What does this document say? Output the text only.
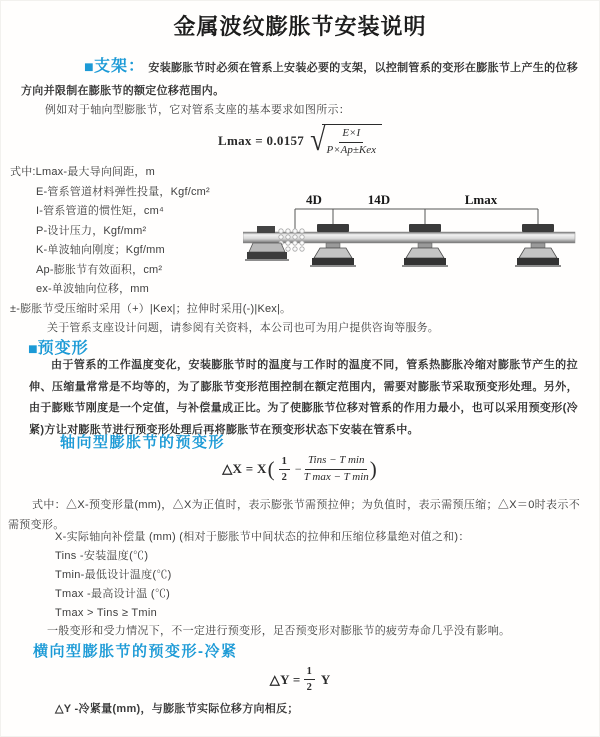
金属波纹膨胀节安装说明
■支架： 安装膨胀节时必须在管系上安装必要的支架，以控制管系的变形在膨胀节上产生的位移方向并限制在膨胀节的额定位移范围内。
例如对于轴向型膨胀节，它对管系支座的基本要求如图所示：
Lmax = 0.0157 √ $\frac{E\times I}{\text{P×Ap±Kex}}$
式中:Lmax-最大导向间距，m
E-管系管道材料弹性投量，Kgf/cm²
I-管系管道的惯性矩，cm⁴
P-设计压力，Kgf/mm²
K-单波轴向刚度；Kgf/mm
Ap-膨胀节有效面积，cm²
ex-单波轴向位移，mm
±-膨胀节受压缩时采用（+）|Kex|；拉伸时采用(-)|Kex|。
关于管系支座设计问题，请参阅有关资料，本公司也可为用户提供咨询等服务。
4D	14D	Lmax
■预变形
由于管系的工作温度变化，安装膨胀节时的温度与工作时的温度不同，管系热膨胀冷缩对膨胀节产生的拉伸、压缩量常常是不均等的，为了膨胀节变形范围控制在额定范围内，需要对膨胀节采取预变形处理。另外，由于膨账节刚度是一个定值，与补偿量成正比。为了使膨胀节位移对管系的作用力最小，也可以采用预变形(冷紧)方让对膨胀节进行预变形处理后再将膨胀节在预变形状态下安装在管系中。
轴向型膨胀节的预变形
△X = X ( $\frac{1}{2} - \frac{\text{Tins − T min}}{\text{T max − T min}}$ )
式中：△X-预变形量(mm)，△X为正值时，表示膨张节需预拉伸；为负值时，表示需预压缩；△X＝0时表示不需预变形。
X-实际轴向补偿量 (mm) (相对于膨胀节中间状态的拉伸和压缩位移量绝对值之和)：
Tins -安装温度(℃)
Tmin-最低设计温度(℃)
Tmax -最高设计温 (℃)
Tmax > Tins ≥ Tmin
一般变形和受力情况下，不一定进行预变形，足否预变形对膨胀节的疲劳寿命几乎没有影响。
横向型膨胀节的预变形-冷紧
△Y = $\frac{1}{2}$ Y
△Y -冷紧量(mm)，与膨胀节实际位移方向相反；
